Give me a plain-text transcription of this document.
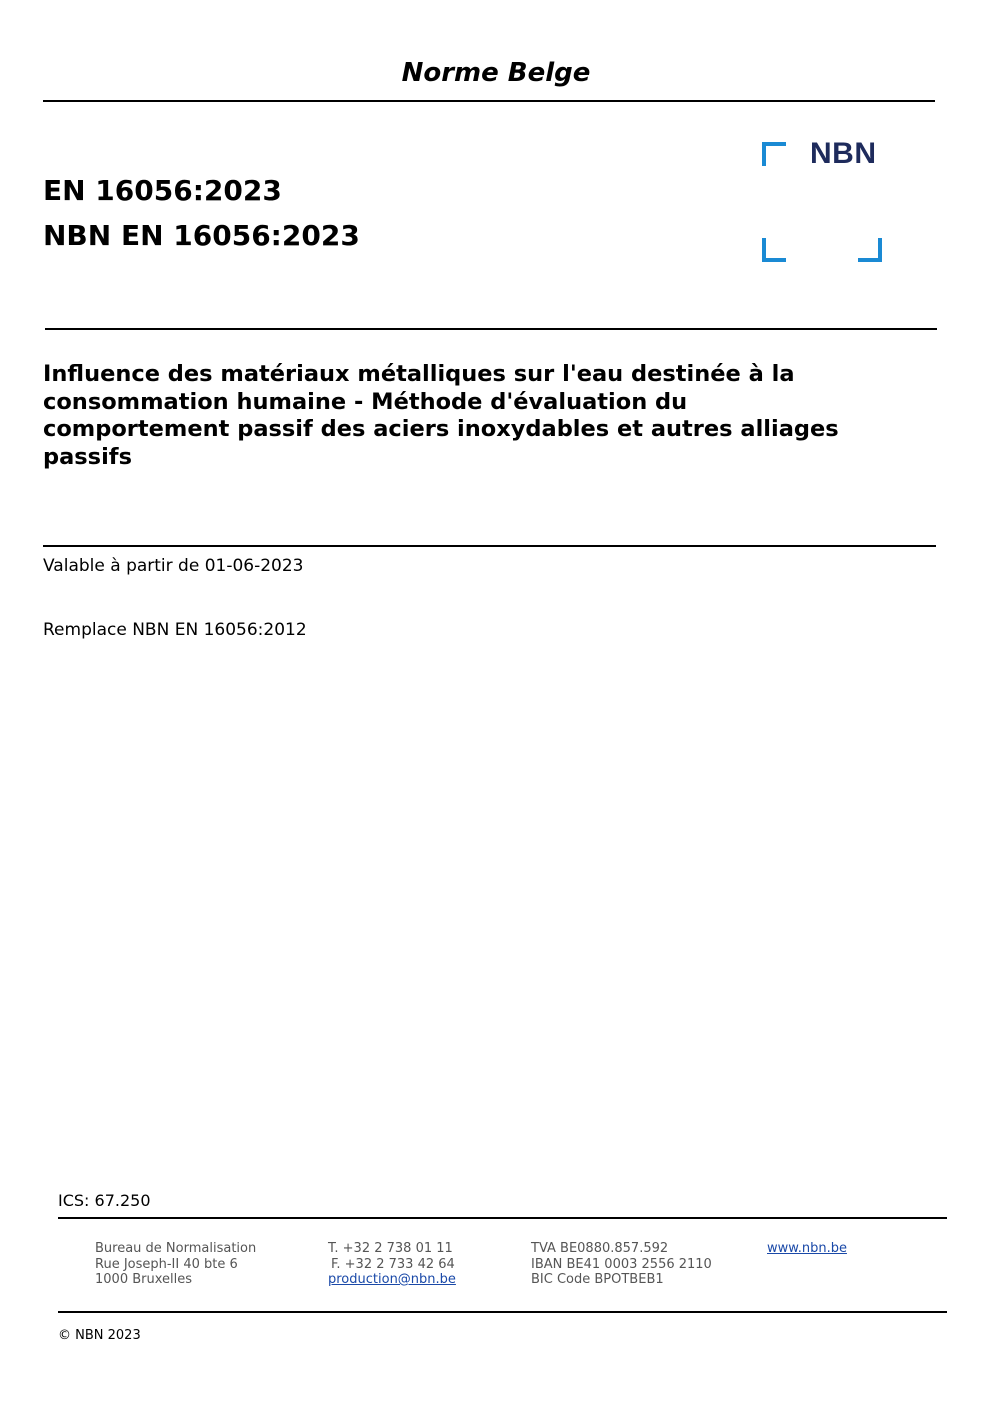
Norme Belge
NBN
EN 16056:2023
NBN EN 16056:2023
Influence des matériaux métalliques sur l'eau destinée à la
consommation humaine - Méthode d'évaluation du
comportement passif des aciers inoxydables et autres alliages
passifs
Valable à partir de 01-06-2023
Remplace NBN EN 16056:2012
ICS: 67.250
Bureau de Normalisation
Rue Joseph-II 40 bte 6
1000 Bruxelles
T. +32 2 738 01 11
F. +32 2 733 42 64
production@nbn.be
TVA BE0880.857.592
IBAN BE41 0003 2556 2110
BIC Code BPOTBEB1
www.nbn.be
© NBN 2023
